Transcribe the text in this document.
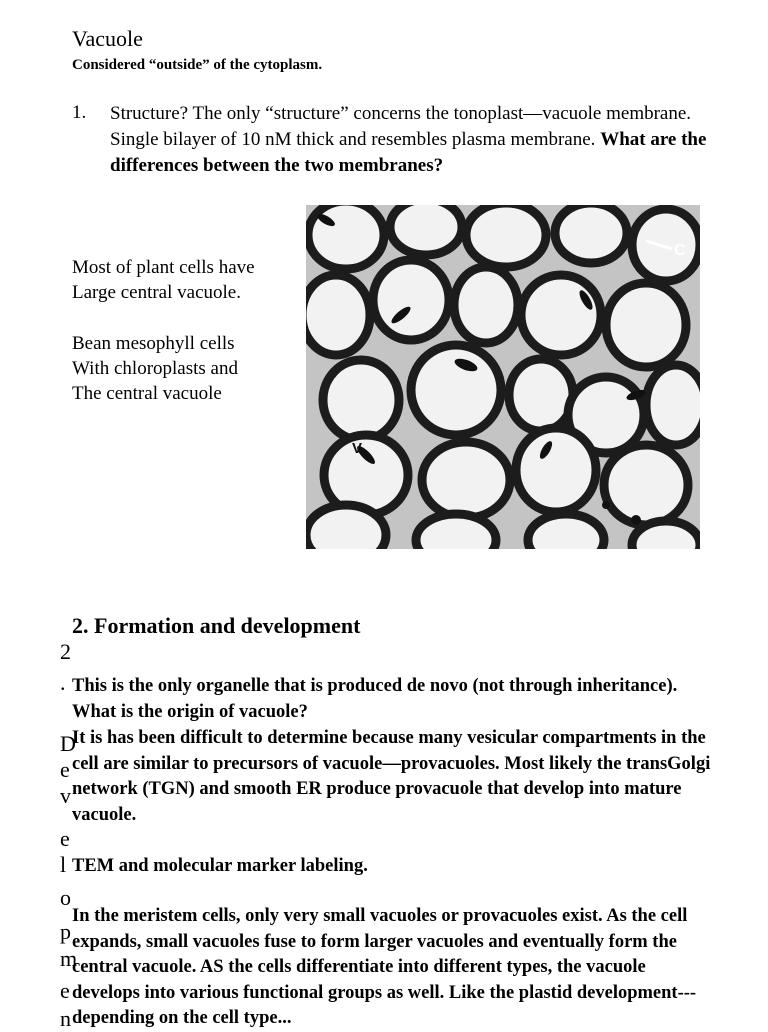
Vacuole
Considered “outside” of the cytoplasm.
1. Structure? The only “structure” concerns the tonoplast—vacuole membrane. Single bilayer of 10 nM thick and resembles plasma membrane. What are the differences between the two membranes?
Most of plant cells have
Large central vacuole.
Bean mesophyll cells
With chloroplasts and
The central vacuole
C
V
2. Formation and development
2
.
D
e
v
e
l
o
p
m
e
n
This is the only organelle that is produced de novo (not through inheritance). What is the origin of vacuole?
It is has been difficult to determine because many vesicular compartments in the cell are similar to precursors of vacuole—provacuoles. Most likely the transGolgi network (TGN) and smooth ER produce provacuole that develop into mature vacuole.
TEM and molecular marker labeling.
In the meristem cells, only very small vacuoles or provacuoles exist. As the cell expands, small vacuoles fuse to form larger vacuoles and eventually form the central vacuole. AS the cells differentiate into different types, the vacuole develops into various functional groups as well. Like the plastid development---depending on the cell type...
